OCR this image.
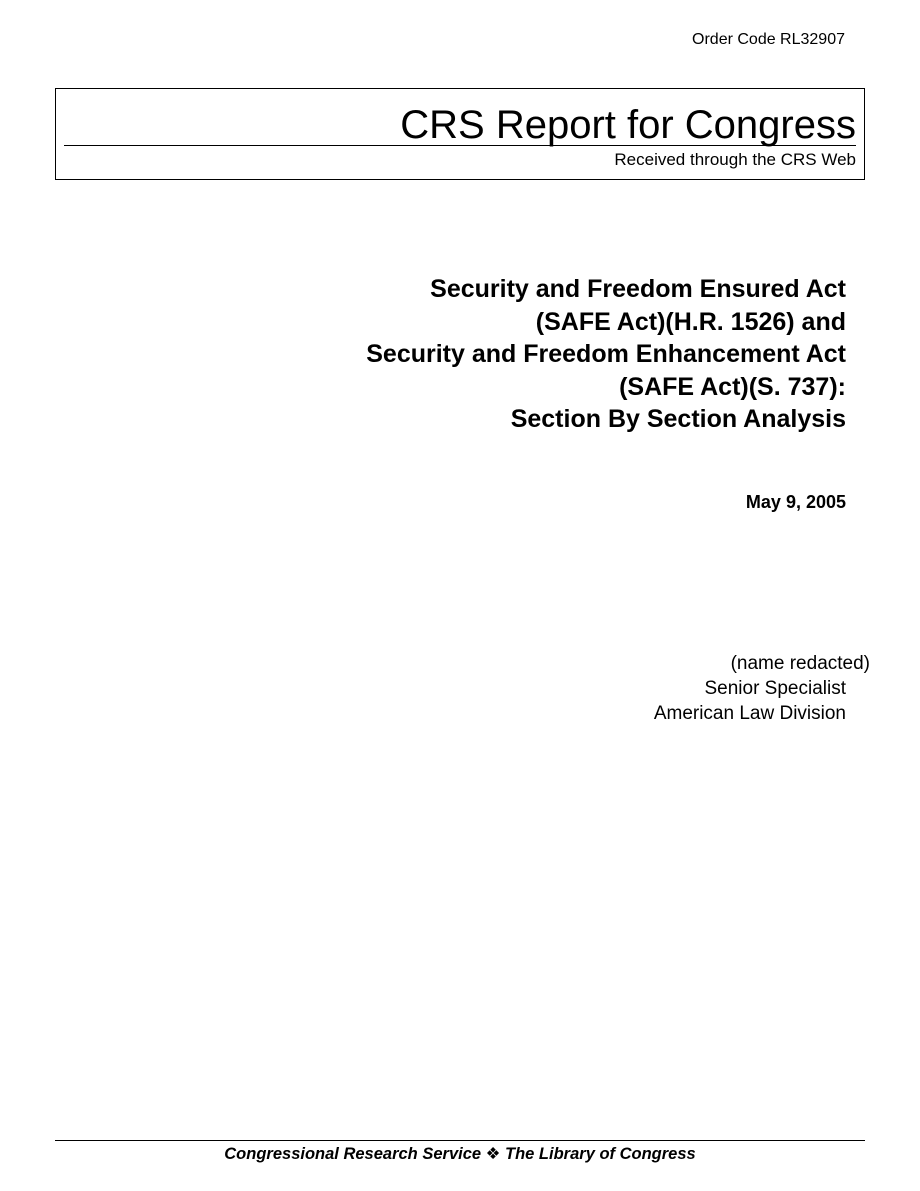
Order Code RL32907
CRS Report for Congress
Received through the CRS Web
Security and Freedom Ensured Act
(SAFE Act)(H.R. 1526) and
Security and Freedom Enhancement Act
(SAFE Act)(S. 737):
Section By Section Analysis
May 9, 2005
(name redacted)
Senior Specialist
American Law Division
Congressional Research Service ❖ The Library of Congress
